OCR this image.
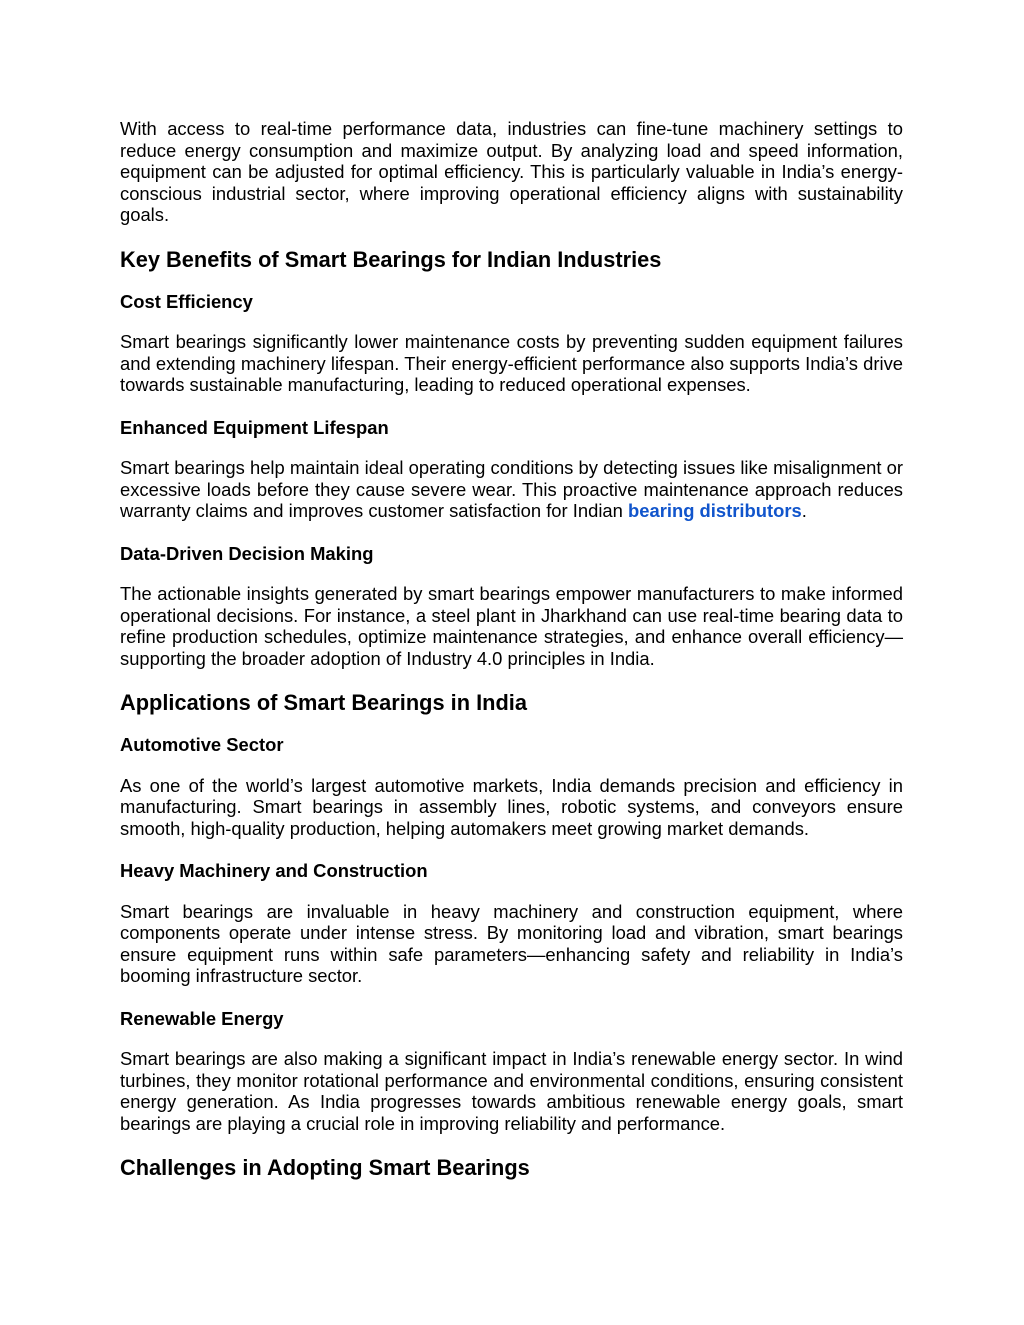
With access to real-time performance data, industries can fine-tune machinery settings to reduce energy consumption and maximize output. By analyzing load and speed information, equipment can be adjusted for optimal efficiency. This is particularly valuable in India’s energy-conscious industrial sector, where improving operational efficiency aligns with sustainability goals.

Key Benefits of Smart Bearings for Indian Industries
Cost Efficiency

Smart bearings significantly lower maintenance costs by preventing sudden equipment failures and extending machinery lifespan. Their energy-efficient performance also supports India’s drive towards sustainable manufacturing, leading to reduced operational expenses.

Enhanced Equipment Lifespan

Smart bearings help maintain ideal operating conditions by detecting issues like misalignment or excessive loads before they cause severe wear. This proactive maintenance approach reduces warranty claims and improves customer satisfaction for Indian bearing distributors.

Data-Driven Decision Making

The actionable insights generated by smart bearings empower manufacturers to make informed operational decisions. For instance, a steel plant in Jharkhand can use real-time bearing data to refine production schedules, optimize maintenance strategies, and enhance overall efficiency—supporting the broader adoption of Industry 4.0 principles in India.

Applications of Smart Bearings in India
Automotive Sector

As one of the world’s largest automotive markets, India demands precision and efficiency in manufacturing. Smart bearings in assembly lines, robotic systems, and conveyors ensure smooth, high-quality production, helping automakers meet growing market demands.

Heavy Machinery and Construction

Smart bearings are invaluable in heavy machinery and construction equipment, where components operate under intense stress. By monitoring load and vibration, smart bearings ensure equipment runs within safe parameters—enhancing safety and reliability in India’s booming infrastructure sector.

Renewable Energy

Smart bearings are also making a significant impact in India’s renewable energy sector. In wind turbines, they monitor rotational performance and environmental conditions, ensuring consistent energy generation. As India progresses towards ambitious renewable energy goals, smart bearings are playing a crucial role in improving reliability and performance.

Challenges in Adopting Smart Bearings
